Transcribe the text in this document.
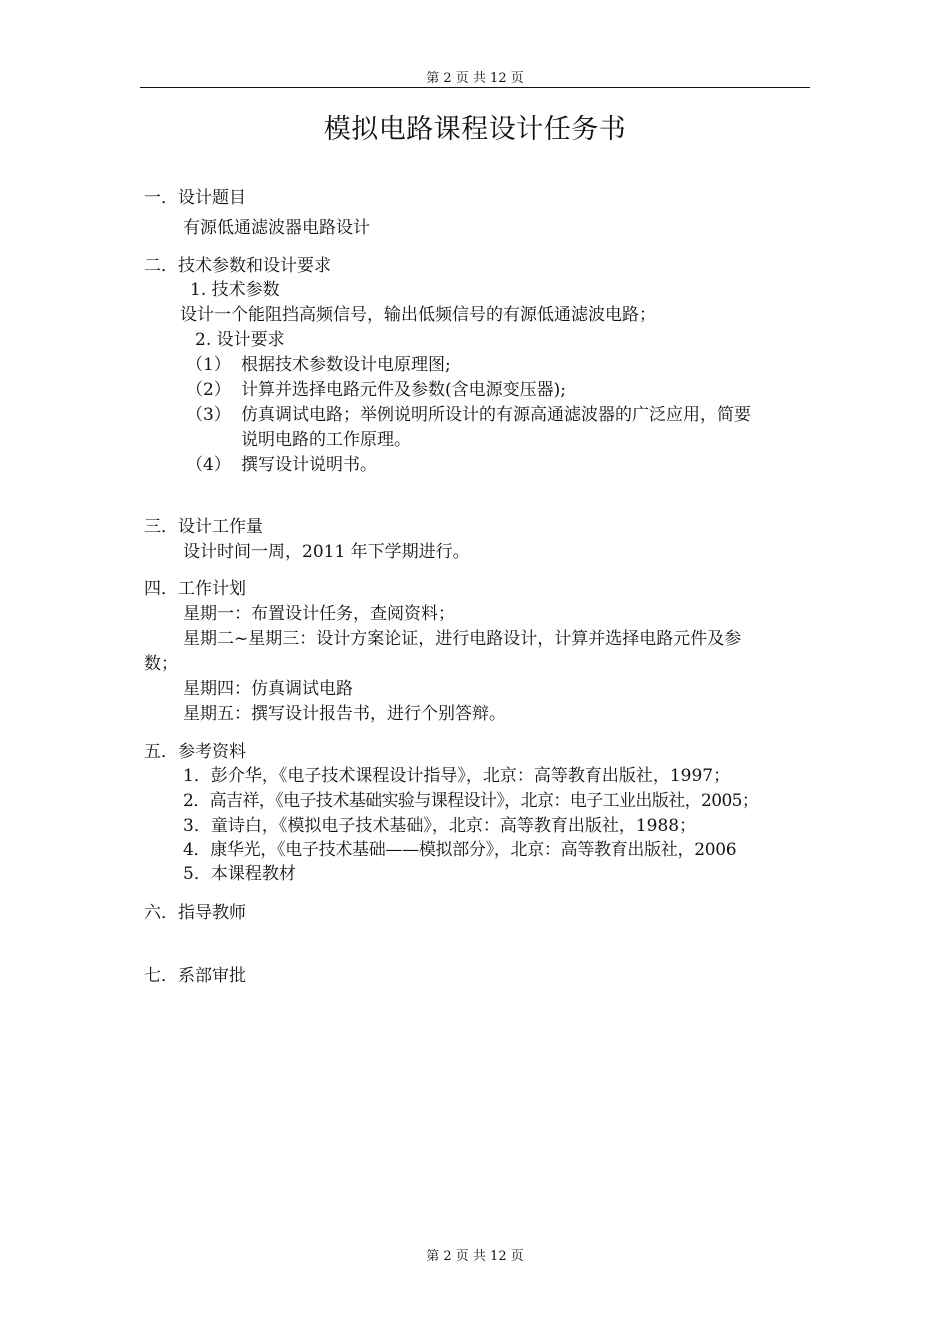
第 2 页 共 12 页
模拟电路课程设计任务书
一．设计题目
有源低通滤波器电路设计
二．技术参数和设计要求
1. 技术参数
设计一个能阻挡高频信号，输出低频信号的有源低通滤波电路；
2. 设计要求
（1） 根据技术参数设计电原理图;
（2） 计算并选择电路元件及参数(含电源变压器);
（3） 仿真调试电路；举例说明所设计的有源高通滤波器的广泛应用，简要
说明电路的工作原理。
（4） 撰写设计说明书。
三．设计工作量
设计时间一周，2011 年下学期进行。
四．工作计划
星期一：布置设计任务，查阅资料；
星期二~星期三：设计方案论证，进行电路设计，计算并选择电路元件及参
数；
星期四：仿真调试电路
星期五：撰写设计报告书，进行个别答辩。
五．参考资料
1．彭介华，《电子技术课程设计指导》，北京：高等教育出版社，1997；
2．高吉祥，《电子技术基础实验与课程设计》，北京：电子工业出版社，2005；
3．童诗白，《模拟电子技术基础》，北京：高等教育出版社，1988；
4．康华光，《电子技术基础——模拟部分》，北京：高等教育出版社，2006
5．本课程教材
六．指导教师
七．系部审批
第 2 页 共 12 页
